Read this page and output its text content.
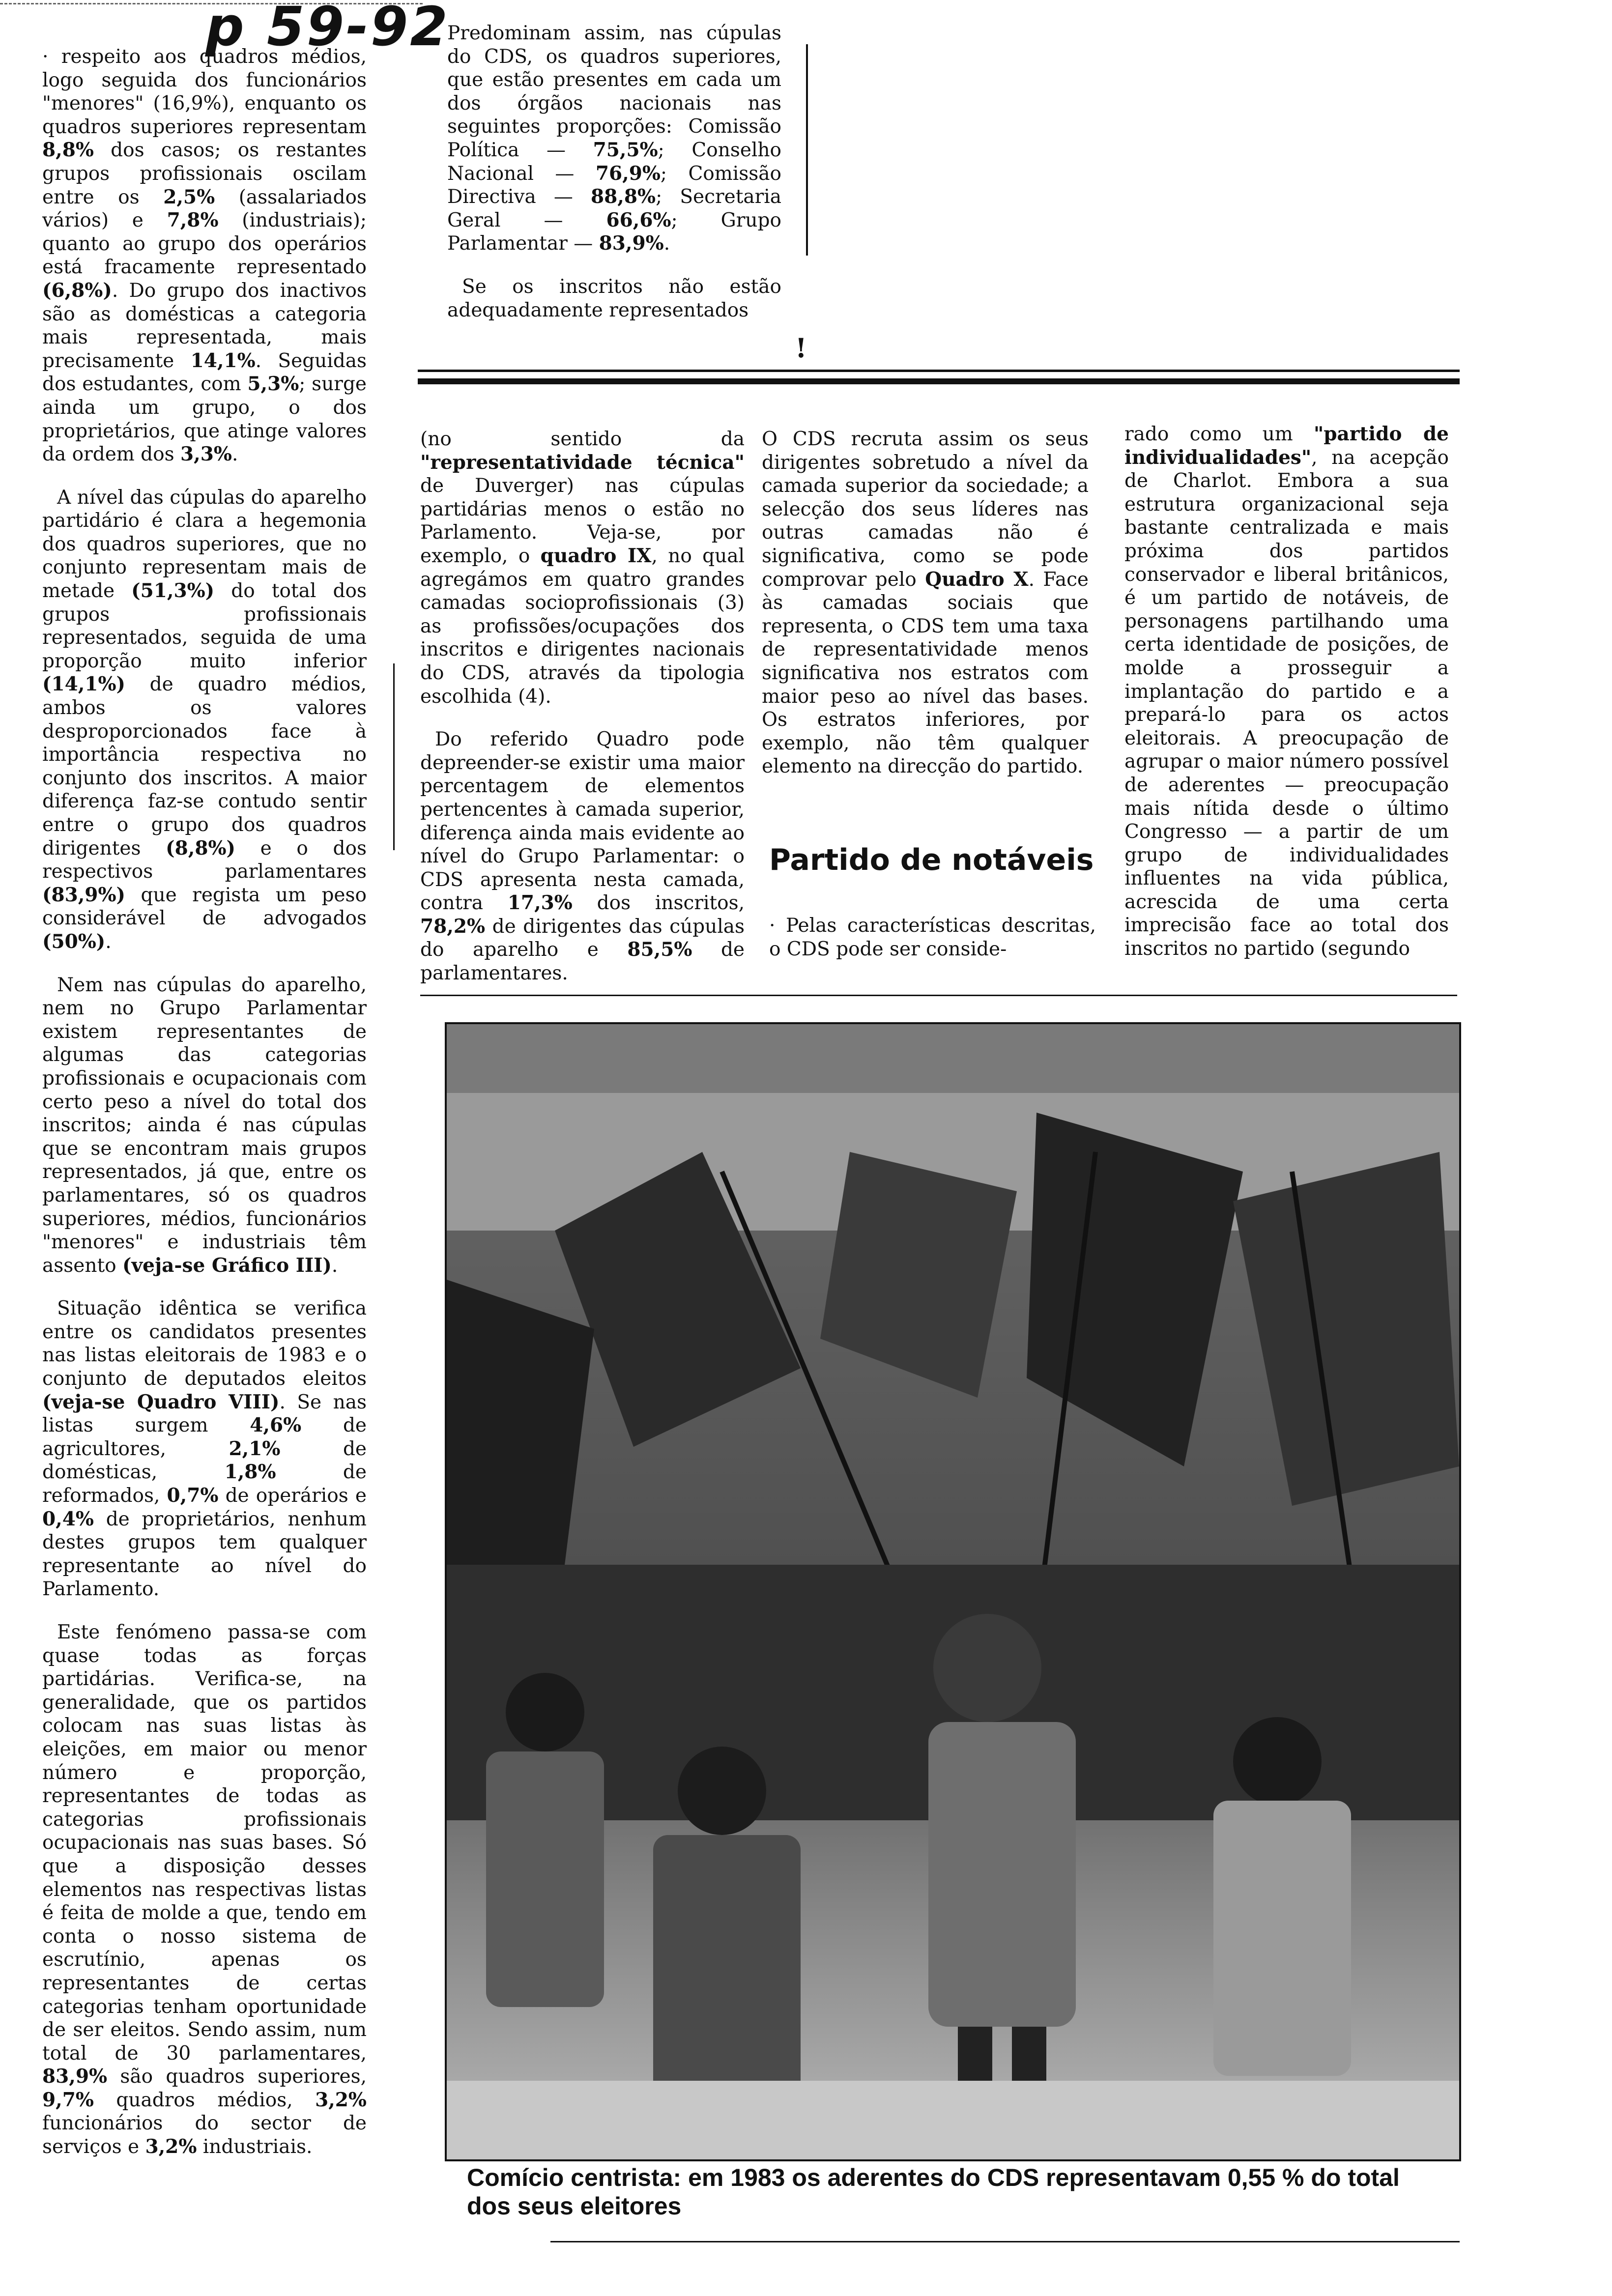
p 59-92
!

· respeito aos quadros médios, logo seguida dos funcionários "menores" (16,9%), enquanto os quadros superiores representam 8,8% dos casos; os restantes grupos profissionais oscilam entre os 2,5% (assalariados vários) e 7,8% (industriais); quanto ao grupo dos operários está fracamente representado (6,8%). Do grupo dos inactivos são as domésticas a categoria mais representada, mais precisamente 14,1%. Seguidas dos estudantes, com 5,3%; surge ainda um grupo, o dos proprietários, que atinge valores da ordem dos 3,3%.

A nível das cúpulas do aparelho partidário é clara a hegemonia dos quadros superiores, que no conjunto representam mais de metade (51,3%) do total dos grupos profissionais representados, seguida de uma proporção muito inferior (14,1%) de quadro médios, ambos os valores desproporcionados face à importância respectiva no conjunto dos inscritos. A maior diferença faz-se contudo sentir entre o grupo dos quadros dirigentes (8,8%) e o dos respectivos parlamentares (83,9%) que regista um peso considerável de advogados (50%).

Nem nas cúpulas do aparelho, nem no Grupo Parlamentar existem representantes de algumas das categorias profissionais e ocupacionais com certo peso a nível do total dos inscritos; ainda é nas cúpulas que se encontram mais grupos representados, já que, entre os parlamentares, só os quadros superiores, médios, funcionários "menores" e industriais têm assento (veja-se Gráfico III).

Situação idêntica se verifica entre os candidatos presentes nas listas eleitorais de 1983 e o conjunto de deputados eleitos (veja-se Quadro VIII). Se nas listas surgem 4,6% de agricultores, 2,1% de domésticas, 1,8% de reformados, 0,7% de operários e 0,4% de proprietários, nenhum destes grupos tem qualquer representante ao nível do Parlamento.

Este fenómeno passa-se com quase todas as forças partidárias. Verifica-se, na generalidade, que os partidos colocam nas suas listas às eleições, em maior ou menor número e proporção, representantes de todas as categorias profissionais ocupacionais nas suas bases. Só que a disposição desses elementos nas respectivas listas é feita de molde a que, tendo em conta o nosso sistema de escrutínio, apenas os representantes de certas categorias tenham oportunidade de ser eleitos. Sendo assim, num total de 30 parlamentares, 83,9% são quadros superiores, 9,7% quadros médios, 3,2% funcionários do sector de serviços e 3,2% industriais.

Predominam assim, nas cúpulas do CDS, os quadros superiores, que estão presentes em cada um dos órgãos nacionais nas seguintes proporções: Comissão Política — 75,5%; Conselho Nacional — 76,9%; Comissão Directiva — 88,8%; Secretaria Geral — 66,6%; Grupo Parlamentar — 83,9%.

Se os inscritos não estão adequadamente representados

(no sentido da "representatividade técnica" de Duverger) nas cúpulas partidárias menos o estão no Parlamento. Veja-se, por exemplo, o quadro IX, no qual agregámos em quatro grandes camadas socioprofissionais (3) as profissões/ocupações dos inscritos e dirigentes nacionais do CDS, através da tipologia escolhida (4).

Do referido Quadro pode depreender-se existir uma maior percentagem de elementos pertencentes à camada superior, diferença ainda mais evidente ao nível do Grupo Parlamentar: o CDS apresenta nesta camada, contra 17,3% dos inscritos, 78,2% de dirigentes das cúpulas do aparelho e 85,5% de parlamentares.

O CDS recruta assim os seus dirigentes sobretudo a nível da camada superior da sociedade; a selecção dos seus líderes nas outras camadas não é significativa, como se pode comprovar pelo Quadro X. Face às camadas sociais que representa, o CDS tem uma taxa de representatividade menos significativa nos estratos com maior peso ao nível das bases. Os estratos inferiores, por exemplo, não têm qualquer elemento na direcção do partido.

Partido de notáveis

· Pelas características descritas, o CDS pode ser conside-

rado como um "partido de individualidades", na acepção de Charlot. Embora a sua estrutura organizacional seja bastante centralizada e mais próxima dos partidos conservador e liberal britânicos, é um partido de notáveis, de personagens partilhando uma certa identidade de posições, de molde a prosseguir a implantação do partido e a prepará-lo para os actos eleitorais. A preocupação de agrupar o maior número possível de aderentes — preocupação mais nítida desde o último Congresso — a partir de um grupo de individualidades influentes na vida pública, acrescida de uma certa imprecisão face ao total dos inscritos no partido (segundo

Comício centrista: em 1983 os aderentes do CDS representavam 0,55 % do total dos seus eleitores
